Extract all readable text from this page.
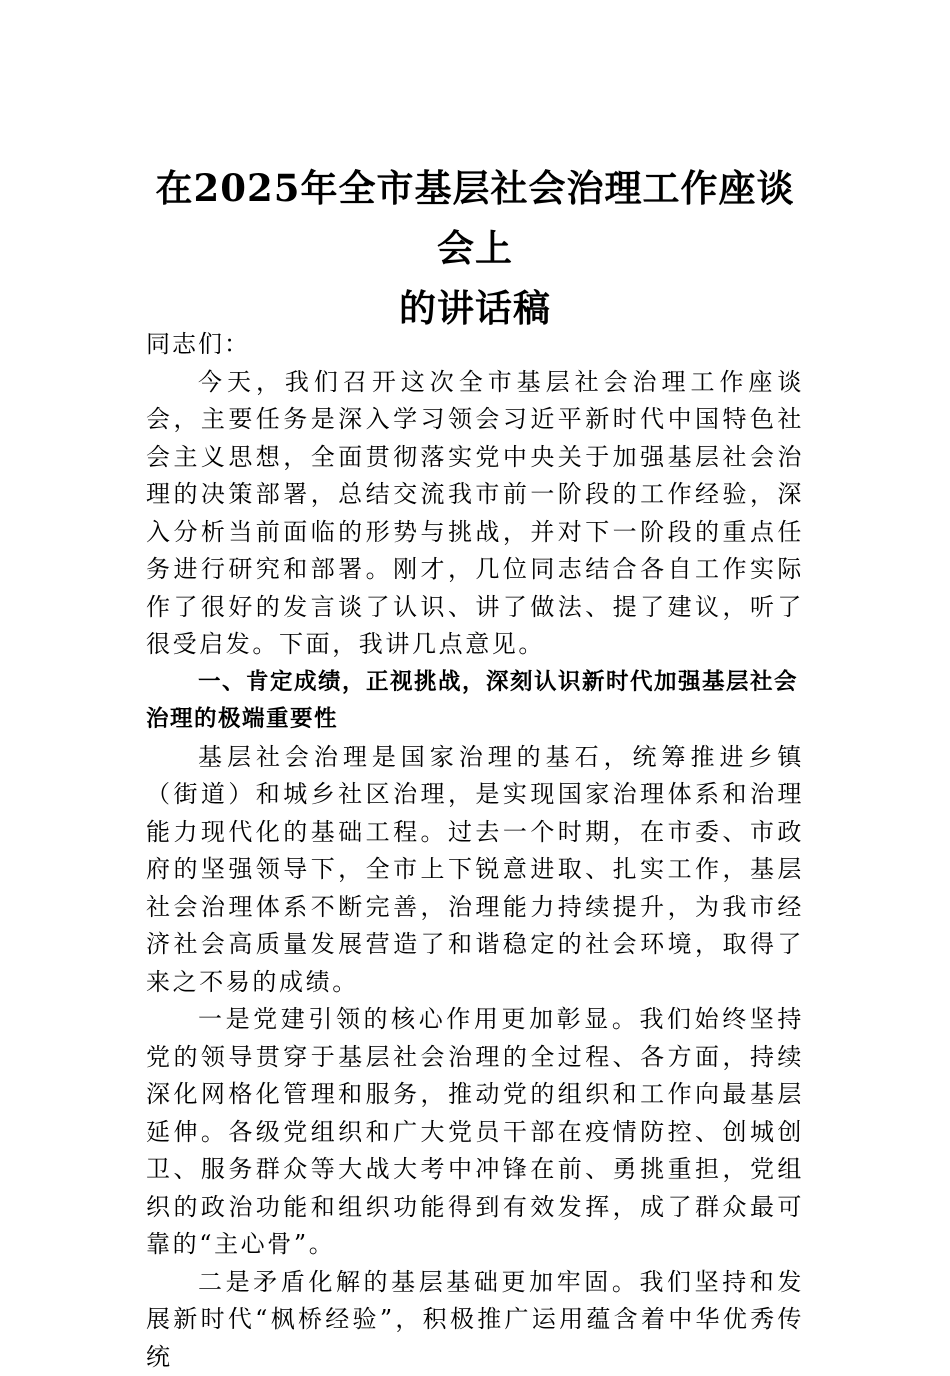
在2025年全市基层社会治理工作座谈会上
的讲话稿

同志们：

今天，我们召开这次全市基层社会治理工作座谈会，主要任务是深入学习领会习近平新时代中国特色社会主义思想，全面贯彻落实党中央关于加强基层社会治理的决策部署，总结交流我市前一阶段的工作经验，深入分析当前面临的形势与挑战，并对下一阶段的重点任务进行研究和部署。刚才，几位同志结合各自工作实际作了很好的发言谈了认识、讲了做法、提了建议，听了很受启发。下面，我讲几点意见。

一、肯定成绩，正视挑战，深刻认识新时代加强基层社会治理的极端重要性

基层社会治理是国家治理的基石，统筹推进乡镇（街道）和城乡社区治理，是实现国家治理体系和治理能力现代化的基础工程。过去一个时期，在市委、市政府的坚强领导下，全市上下锐意进取、扎实工作，基层社会治理体系不断完善，治理能力持续提升，为我市经济社会高质量发展营造了和谐稳定的社会环境，取得了来之不易的成绩。

一是党建引领的核心作用更加彰显。我们始终坚持党的领导贯穿于基层社会治理的全过程、各方面，持续深化网格化管理和服务，推动党的组织和工作向最基层延伸。各级党组织和广大党员干部在疫情防控、创城创卫、服务群众等大战大考中冲锋在前、勇挑重担，党组织的政治功能和组织功能得到有效发挥，成了群众最可靠的“主心骨”。

二是矛盾化解的基层基础更加牢固。我们坚持和发展新时代“枫桥经验”，积极推广运用蕴含着中华优秀传统
